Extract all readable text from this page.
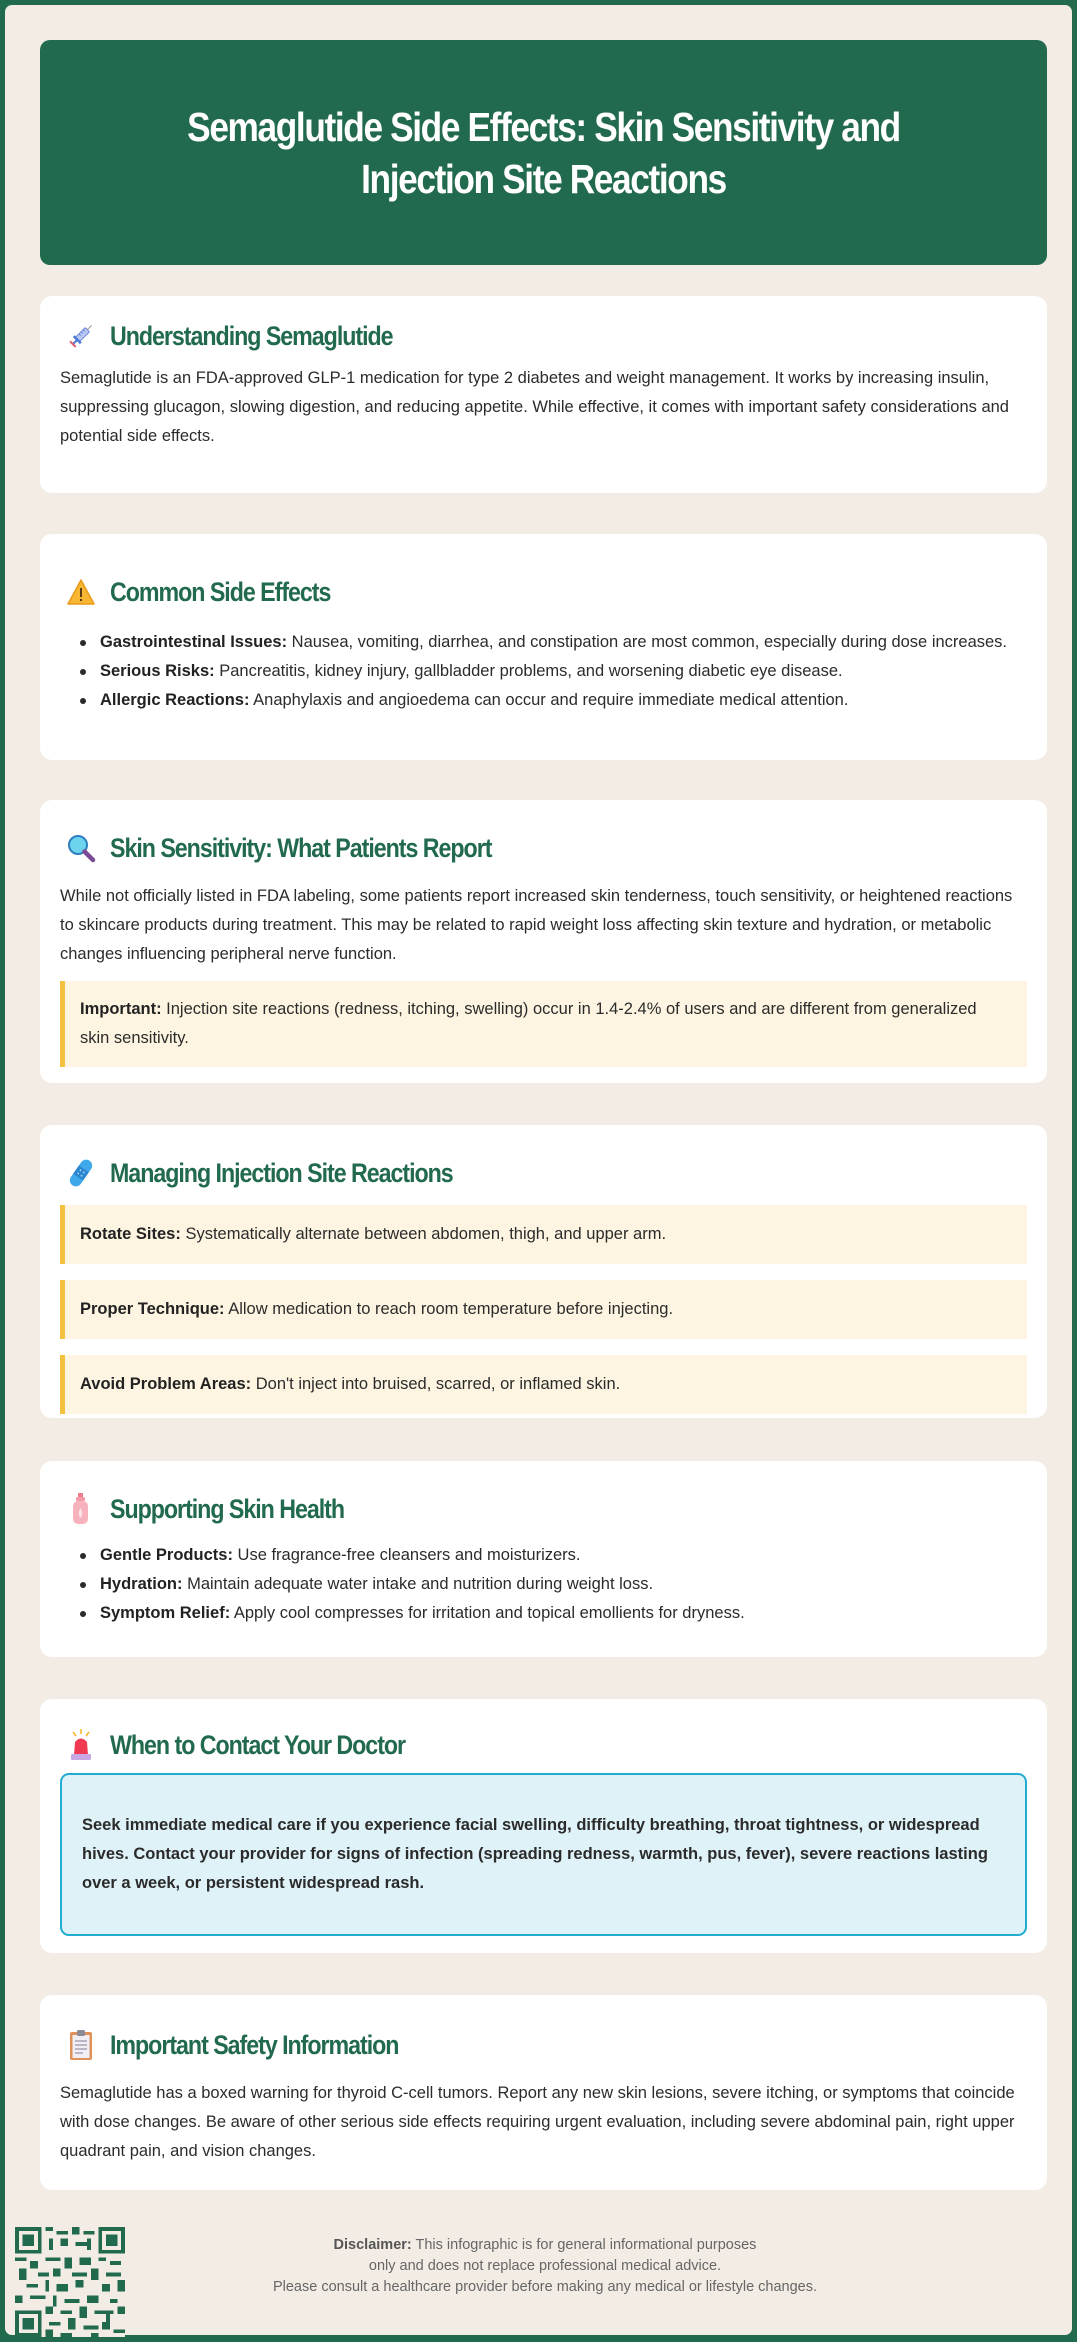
Semaglutide Side Effects: Skin Sensitivity and Injection Site Reactions
Understanding Semaglutide

Semaglutide is an FDA-approved GLP-1 medication for type 2 diabetes and weight management. It works by increasing insulin, suppressing glucagon, slowing digestion, and reducing appetite. While effective, it comes with important safety considerations and potential side effects.

Common Side Effects
Gastrointestinal Issues: Nausea, vomiting, diarrhea, and constipation are most common, especially during dose increases.
Serious Risks: Pancreatitis, kidney injury, gallbladder problems, and worsening diabetic eye disease.
Allergic Reactions: Anaphylaxis and angioedema can occur and require immediate medical attention.
Skin Sensitivity: What Patients Report

While not officially listed in FDA labeling, some patients report increased skin tenderness, touch sensitivity, or heightened reactions to skincare products during treatment. This may be related to rapid weight loss affecting skin texture and hydration, or metabolic changes influencing peripheral nerve function.

Important: Injection site reactions (redness, itching, swelling) occur in 1.4-2.4% of users and are different from generalized skin sensitivity.
Managing Injection Site Reactions
Rotate Sites: Systematically alternate between abdomen, thigh, and upper arm.
Proper Technique: Allow medication to reach room temperature before injecting.
Avoid Problem Areas: Don't inject into bruised, scarred, or inflamed skin.
Supporting Skin Health
Gentle Products: Use fragrance-free cleansers and moisturizers.
Hydration: Maintain adequate water intake and nutrition during weight loss.
Symptom Relief: Apply cool compresses for irritation and topical emollients for dryness.
When to Contact Your Doctor
Seek immediate medical care if you experience facial swelling, difficulty breathing, throat tightness, or widespread hives. Contact your provider for signs of infection (spreading redness, warmth, pus, fever), severe reactions lasting over a week, or persistent widespread rash.
Important Safety Information

Semaglutide has a boxed warning for thyroid C-cell tumors. Report any new skin lesions, severe itching, or symptoms that coincide with dose changes. Be aware of other serious side effects requiring urgent evaluation, including severe abdominal pain, right upper quadrant pain, and vision changes.

Disclaimer: This infographic is for general informational purposes
only and does not replace professional medical advice.
Please consult a healthcare provider before making any medical or lifestyle changes.
